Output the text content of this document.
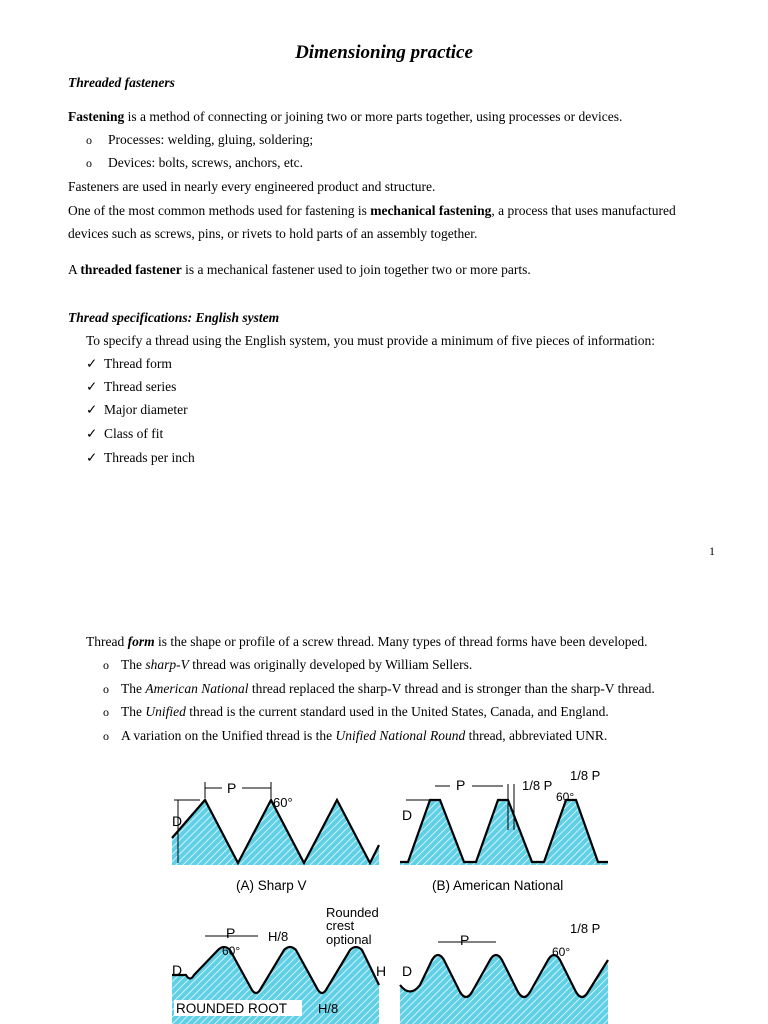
Dimensioning practice
Threaded fasteners
Fastening is a method of connecting or joining two or more parts together, using processes or devices.
o Processes: welding, gluing, soldering;
o Devices: bolts, screws, anchors, etc.
Fasteners are used in nearly every engineered product and structure.
One of the most common methods used for fastening is mechanical fastening, a process that uses manufactured
devices such as screws, pins, or rivets to hold parts of an assembly together.
A threaded fastener is a mechanical fastener used to join together two or more parts.
Thread specifications: English system
To specify a thread using the English system, you must provide a minimum of five pieces of information:
✓ Thread form
✓ Thread series
✓ Major diameter
✓ Class of fit
✓ Threads per inch
1
Thread form is the shape or profile of a screw thread. Many types of thread forms have been developed.
o The sharp-V thread was originally developed by William Sellers.
o The American National thread replaced the sharp-V thread and is stronger than the sharp-V thread.
o The Unified thread is the current standard used in the United States, Canada, and England.
o A variation on the Unified thread is the Unified National Round thread, abbreviated UNR.
P
60°
D
(A) Sharp V
P	1/8 P
1/8 P
60°
D
(B) American National
P
60°
H/8
Rounded
crest
optional
D	H
ROUNDED ROOT H/8
P
1/8 P
60°
D
